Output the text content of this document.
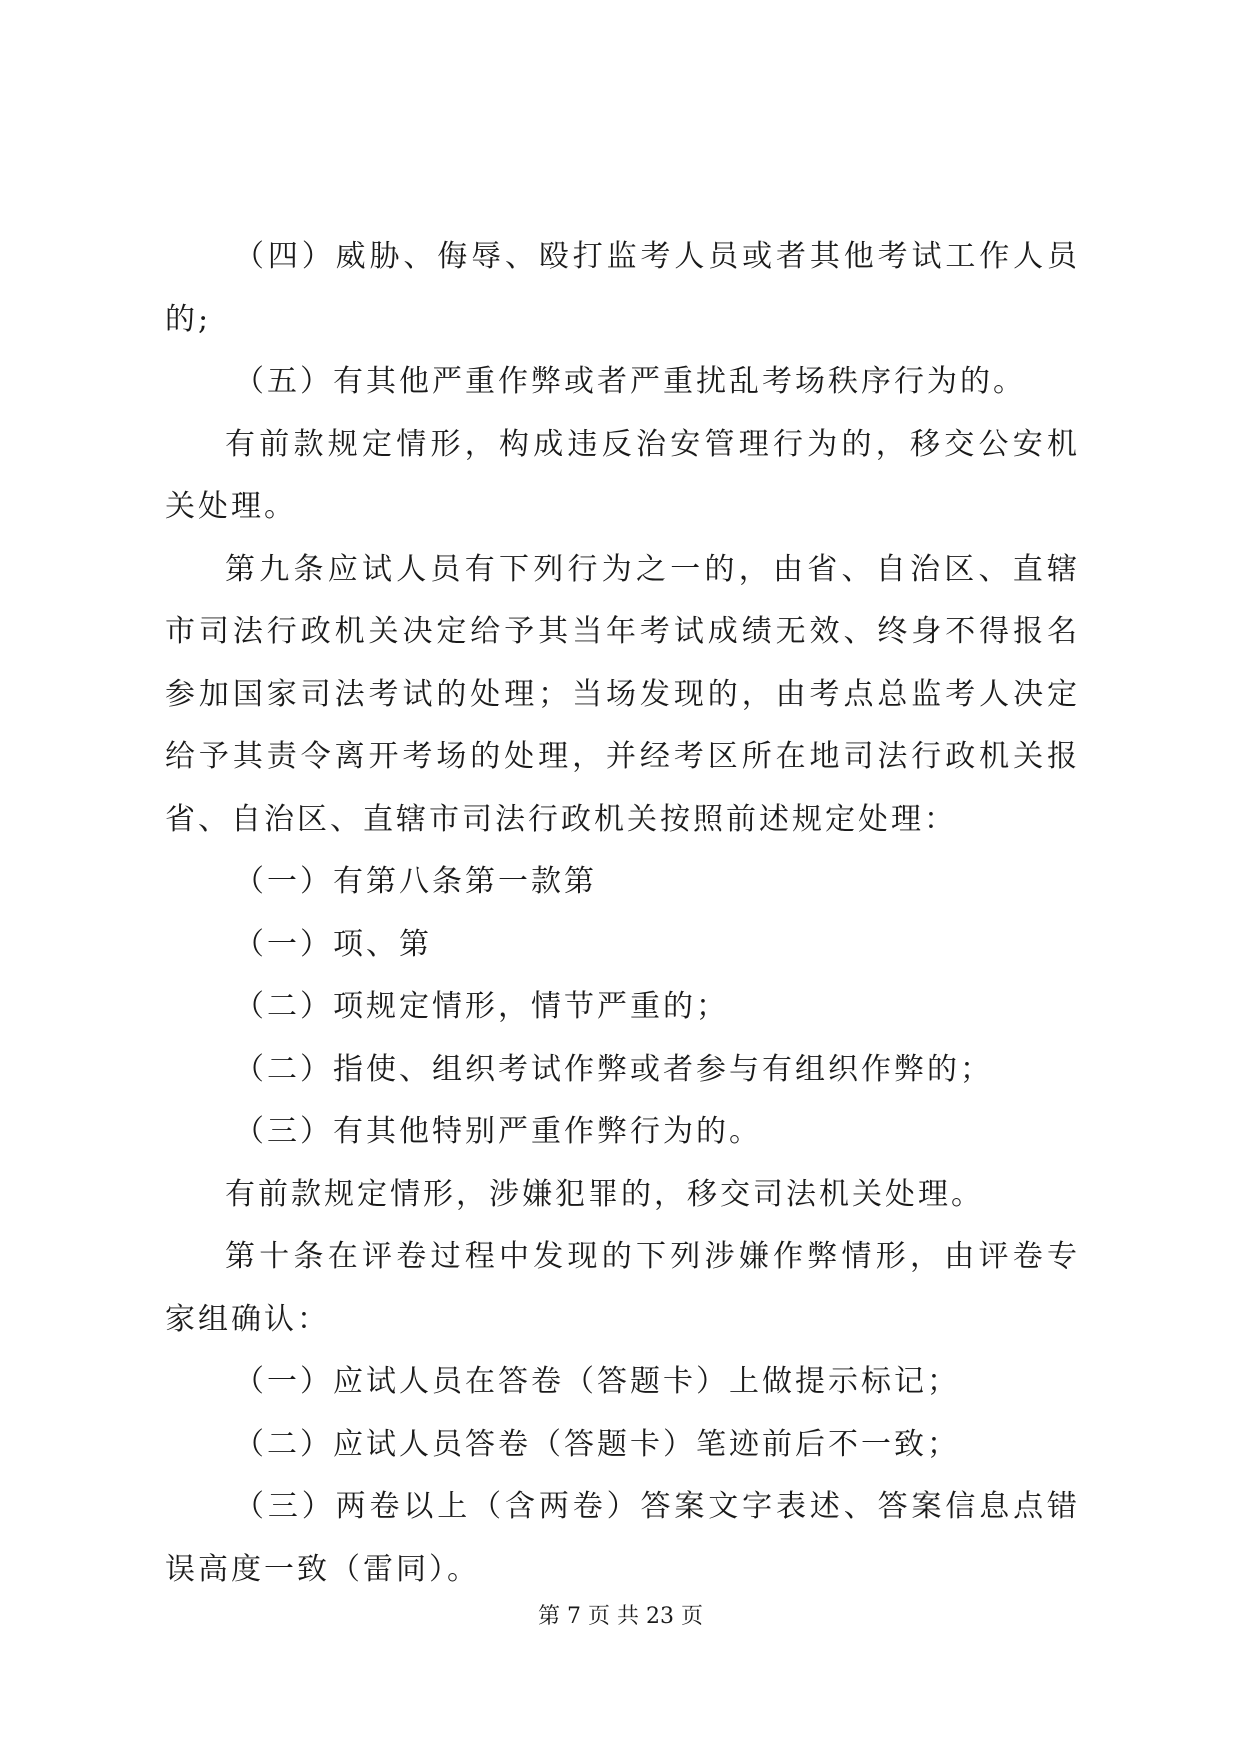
（四）威胁、侮辱、殴打监考人员或者其他考试工作人员的;

（五）有其他严重作弊或者严重扰乱考场秩序行为的。

有前款规定情形，构成违反治安管理行为的，移交公安机关处理。

第九条应试人员有下列行为之一的，由省、自治区、直辖市司法行政机关决定给予其当年考试成绩无效、终身不得报名参加国家司法考试的处理；当场发现的，由考点总监考人决定给予其责令离开考场的处理，并经考区所在地司法行政机关报省、自治区、直辖市司法行政机关按照前述规定处理：

（一）有第八条第一款第

（一）项、第

（二）项规定情形，情节严重的；

（二）指使、组织考试作弊或者参与有组织作弊的；

（三）有其他特别严重作弊行为的。

有前款规定情形，涉嫌犯罪的，移交司法机关处理。

第十条在评卷过程中发现的下列涉嫌作弊情形，由评卷专家组确认：

（一）应试人员在答卷（答题卡）上做提示标记；

（二）应试人员答卷（答题卡）笔迹前后不一致；

（三）两卷以上（含两卷）答案文字表述、答案信息点错误高度一致（雷同）。

第 7 页 共 23 页
